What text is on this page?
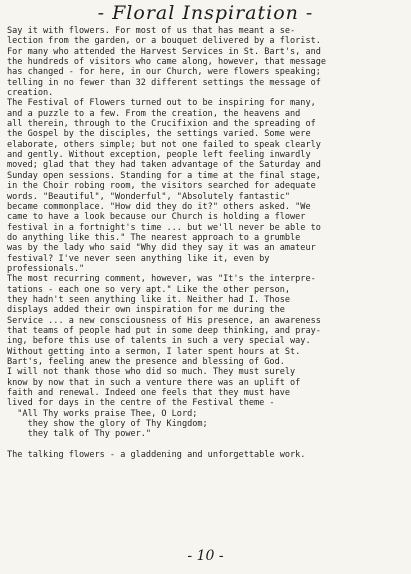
- Floral Inspiration -
Say it with flowers. For most of us that has meant a se-
lection from the garden, or a bouquet delivered by a florist.
For many who attended the Harvest Services in St. Bart's, and
the hundreds of visitors who came along, however, that message
has changed - for here, in our Church, were flowers speaking;
telling in no fewer than 32 different settings the message of
creation.
The Festival of Flowers turned out to be inspiring for many,
and a puzzle to a few. From the creation, the heavens and
all therein, through to the Crucifixion and the spreading of
the Gospel by the disciples, the settings varied. Some were
elaborate, others simple; but not one failed to speak clearly
and gently. Without exception, people left feeling inwardly
moved; glad that they had taken advantage of the Saturday and
Sunday open sessions. Standing for a time at the final stage,
in the Choir robing room, the visitors searched for adequate
words. "Beautiful", "Wonderful", "Absolutely fantastic"
became commonplace. "How did they do it?" others asked. "We
came to have a look because our Church is holding a flower
festival in a fortnight's time ... but we'll never be able to
do anything like this." The nearest approach to a grumble
was by the lady who said "Why did they say it was an amateur
festival? I've never seen anything like it, even by
professionals."
The most recurring comment, however, was "It's the interpre-
tations - each one so very apt." Like the other person,
they hadn't seen anything like it. Neither had I. Those
displays added their own inspiration for me during the
Service ... a new consciousness of His presence, an awareness
that teams of people had put in some deep thinking, and pray-
ing, before this use of talents in such a very special way.
Without getting into a sermon, I later spent hours at St.
Bart's, feeling anew the presence and blessing of God.
I will not thank those who did so much. They must surely
know by now that in such a venture there was an uplift of
faith and renewal. Indeed one feels that they must have
lived for days in the centre of the Festival theme -
"All Thy works praise Thee, O Lord;
they show the glory of Thy Kingdom;
they talk of Thy power."
The talking flowers - a gladdening and unforgettable work.
- 10 -
